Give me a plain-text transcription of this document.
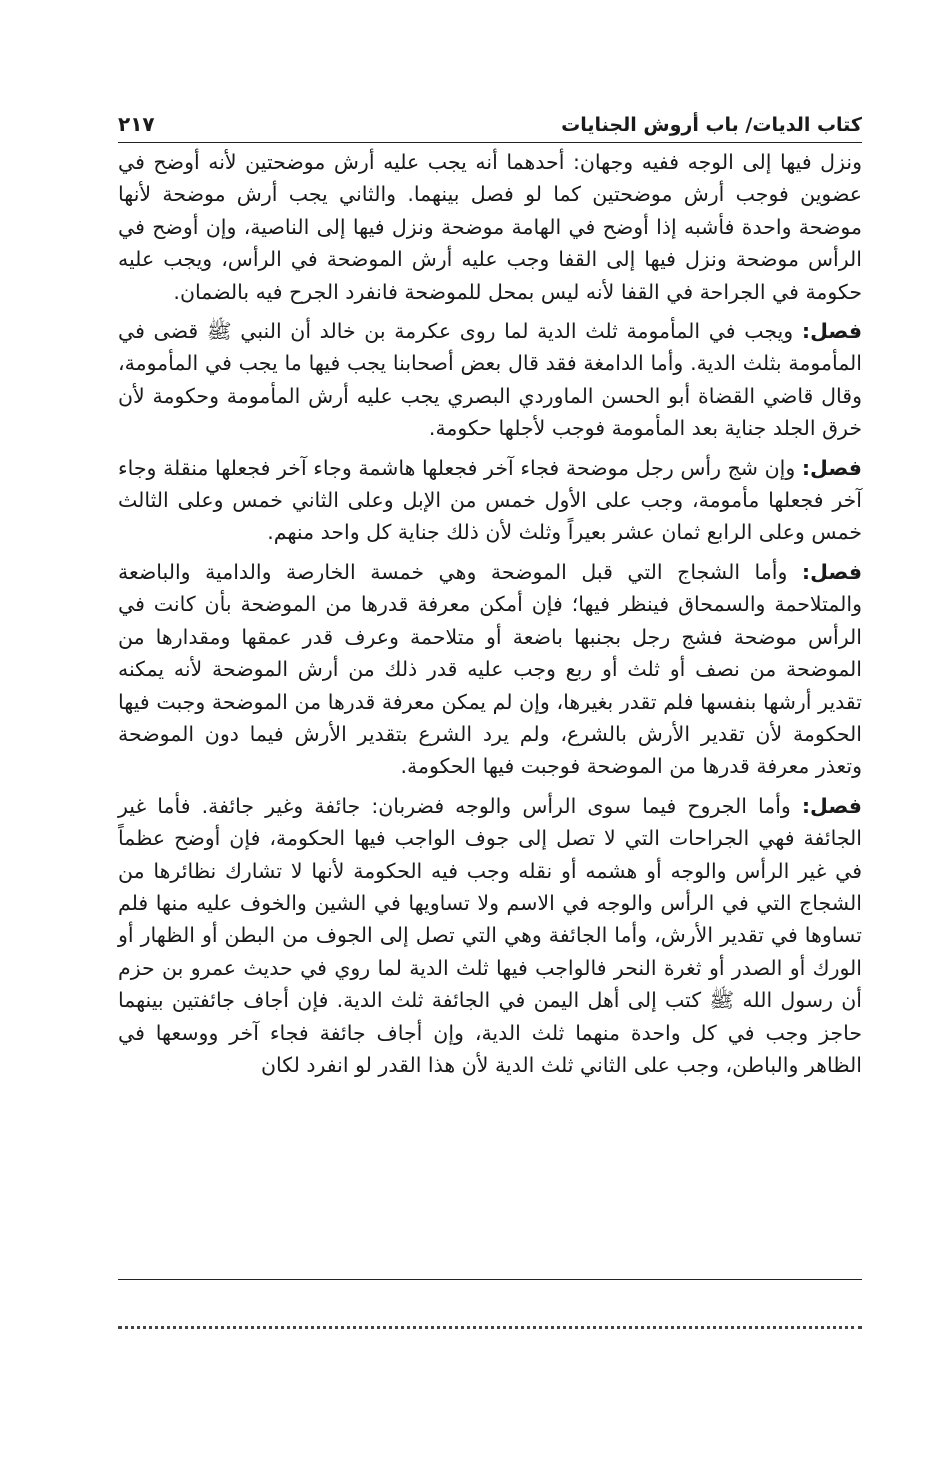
كتاب الديات/ باب أروش الجنايات
٢١٧

ونزل فيها إلى الوجه ففيه وجهان: أحدهما أنه يجب عليه أرش موضحتين لأنه أوضح في عضوين فوجب أرش موضحتين كما لو فصل بينهما. والثاني يجب أرش موضحة لأنها موضحة واحدة فأشبه إذا أوضح في الهامة موضحة ونزل فيها إلى الناصية، وإن أوضح في الرأس موضحة ونزل فيها إلى القفا وجب عليه أرش الموضحة في الرأس، ويجب عليه حكومة في الجراحة في القفا لأنه ليس بمحل للموضحة فانفرد الجرح فيه بالضمان.

فصل: ويجب في المأمومة ثلث الدية لما روى عكرمة بن خالد أن النبي ﷺ قضى في المأمومة بثلث الدية. وأما الدامغة فقد قال بعض أصحابنا يجب فيها ما يجب في المأمومة، وقال قاضي القضاة أبو الحسن الماوردي البصري يجب عليه أرش المأمومة وحكومة لأن خرق الجلد جناية بعد المأمومة فوجب لأجلها حكومة.

فصل: وإن شج رأس رجل موضحة فجاء آخر فجعلها هاشمة وجاء آخر فجعلها منقلة وجاء آخر فجعلها مأمومة، وجب على الأول خمس من الإبل وعلى الثاني خمس وعلى الثالث خمس وعلى الرابع ثمان عشر بعيراً وثلث لأن ذلك جناية كل واحد منهم.

فصل: وأما الشجاج التي قبل الموضحة وهي خمسة الخارصة والدامية والباضعة والمتلاحمة والسمحاق فينظر فيها؛ فإن أمكن معرفة قدرها من الموضحة بأن كانت في الرأس موضحة فشج رجل بجنبها باضعة أو متلاحمة وعرف قدر عمقها ومقدارها من الموضحة من نصف أو ثلث أو ربع وجب عليه قدر ذلك من أرش الموضحة لأنه يمكنه تقدير أرشها بنفسها فلم تقدر بغيرها، وإن لم يمكن معرفة قدرها من الموضحة وجبت فيها الحكومة لأن تقدير الأرش بالشرع، ولم يرد الشرع بتقدير الأرش فيما دون الموضحة وتعذر معرفة قدرها من الموضحة فوجبت فيها الحكومة.

فصل: وأما الجروح فيما سوى الرأس والوجه فضربان: جائفة وغير جائفة. فأما غير الجائفة فهي الجراحات التي لا تصل إلى جوف الواجب فيها الحكومة، فإن أوضح عظماً في غير الرأس والوجه أو هشمه أو نقله وجب فيه الحكومة لأنها لا تشارك نظائرها من الشجاج التي في الرأس والوجه في الاسم ولا تساويها في الشين والخوف عليه منها فلم تساوها في تقدير الأرش، وأما الجائفة وهي التي تصل إلى الجوف من البطن أو الظهار أو الورك أو الصدر أو ثغرة النحر فالواجب فيها ثلث الدية لما روي في حديث عمرو بن حزم أن رسول الله ﷺ كتب إلى أهل اليمن في الجائفة ثلث الدية. فإن أجاف جائفتين بينهما حاجز وجب في كل واحدة منهما ثلث الدية، وإن أجاف جائفة فجاء آخر ووسعها في الظاهر والباطن، وجب على الثاني ثلث الدية لأن هذا القدر لو انفرد لكان
